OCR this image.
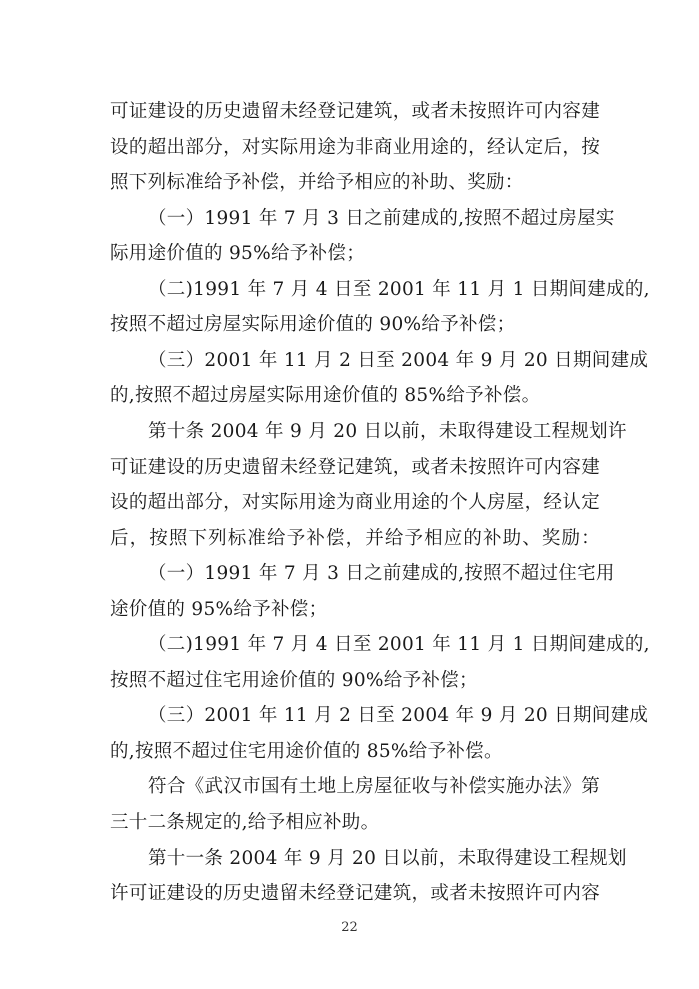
可证建设的历史遗留未经登记建筑，或者未按照许可内容建
设的超出部分，对实际用途为非商业用途的，经认定后，按
照下列标准给予补偿，并给予相应的补助、奖励：
（一）1991 年 7 月 3 日之前建成的,按照不超过房屋实
际用途价值的 95%给予补偿；
（二)1991 年 7 月 4 日至 2001 年 11 月 1 日期间建成的,
按照不超过房屋实际用途价值的 90%给予补偿；
（三）2001 年 11 月 2 日至 2004 年 9 月 20 日期间建成
的,按照不超过房屋实际用途价值的 85%给予补偿。
第十条 2004 年 9 月 20 日以前，未取得建设工程规划许
可证建设的历史遗留未经登记建筑，或者未按照许可内容建
设的超出部分，对实际用途为商业用途的个人房屋，经认定
后，按照下列标准给予补偿，并给予相应的补助、奖励：
（一）1991 年 7 月 3 日之前建成的,按照不超过住宅用
途价值的 95%给予补偿；
（二)1991 年 7 月 4 日至 2001 年 11 月 1 日期间建成的,
按照不超过住宅用途价值的 90%给予补偿；
（三）2001 年 11 月 2 日至 2004 年 9 月 20 日期间建成
的,按照不超过住宅用途价值的 85%给予补偿。
符合《武汉市国有土地上房屋征收与补偿实施办法》第
三十二条规定的,给予相应补助。
第十一条 2004 年 9 月 20 日以前，未取得建设工程规划
许可证建设的历史遗留未经登记建筑，或者未按照许可内容
22
